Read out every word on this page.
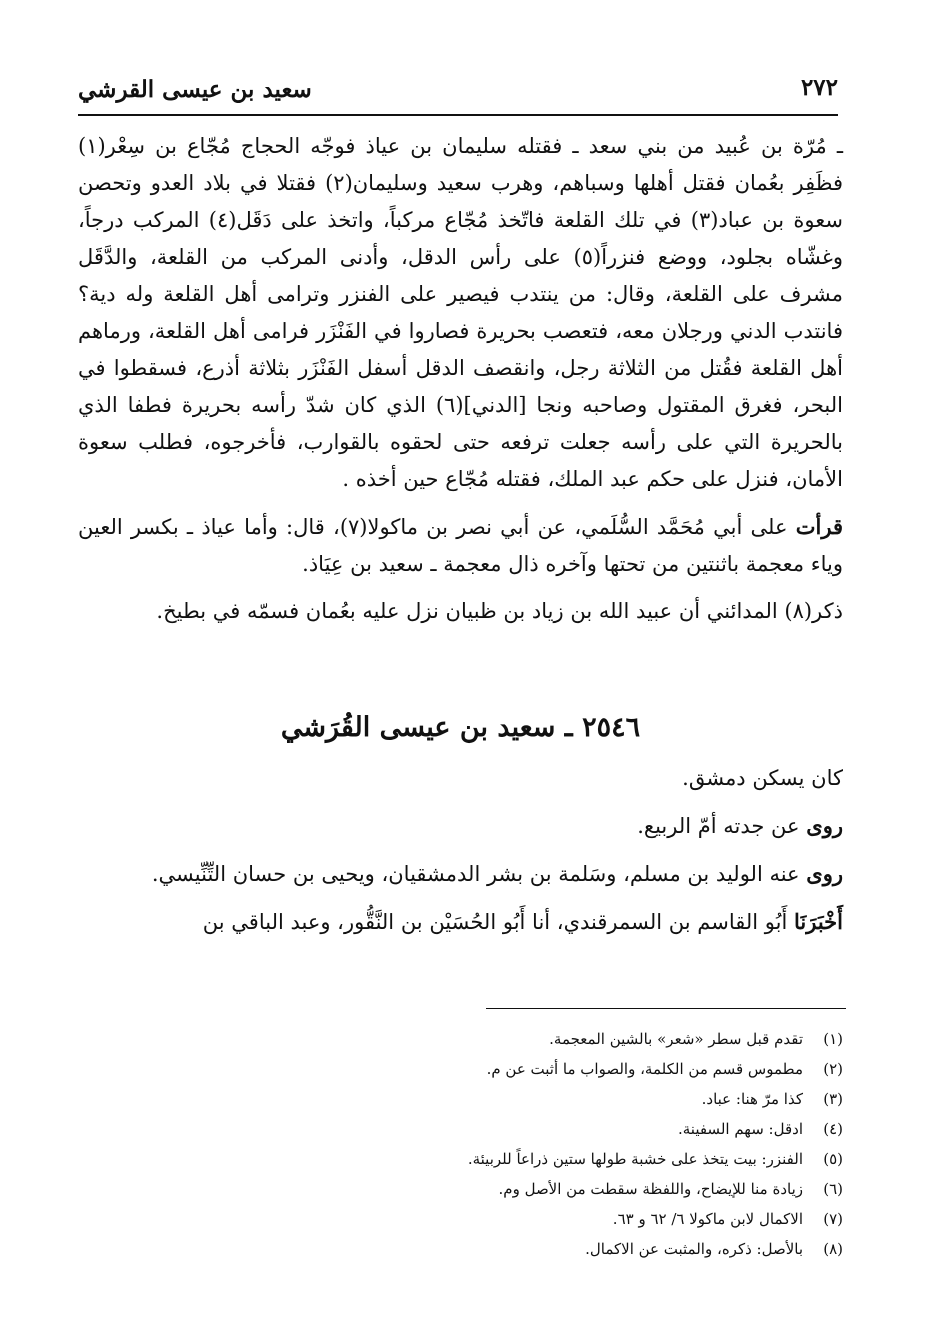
٢٧٢
سعيد بن عيسى القرشي

ـ مُرّة بن عُبيد من بني سعد ـ فقتله سليمان بن عياذ فوجّه الحجاج مُجّاع بن سِعْر(١) فظَفِر بعُمان فقتل أهلها وسباهم، وهرب سعيد وسليمان(٢) فقتلا في بلاد العدو وتحصن سعوة بن عباد(٣) في تلك القلعة فاتّخذ مُجّاع مركباً، واتخذ على دَقَل(٤) المركب درجاً، وغشّاه بجلود، ووضع فنزراً(٥) على رأس الدقل، وأدنى المركب من القلعة، والدَّقَل مشرف على القلعة، وقال: من ينتدب فيصير على الفنزر وترامى أهل القلعة وله دية؟ فانتدب الدني ورجلان معه، فتعصب بحريرة فصاروا في الفَنْزَر فرامى أهل القلعة، ورماهم أهل القلعة فقُتل من الثلاثة رجل، وانقصف الدقل أسفل الفَنْزَر بثلاثة أذرع، فسقطوا في البحر، فغرق المقتول وصاحبه ونجا [الدني](٦) الذي كان شدّ رأسه بحريرة فطفا الذي بالحريرة التي على رأسه جعلت ترفعه حتى لحقوه بالقوارب، فأخرجوه، فطلب سعوة الأمان، فنزل على حكم عبد الملك، فقتله مُجّاع حين أخذه .

قرأت على أبي مُحَمَّد السُّلَمي، عن أبي نصر بن ماكولا(٧)، قال: وأما عياذ ـ بكسر العين وياء معجمة باثنتين من تحتها وآخره ذال معجمة ـ سعيد بن عِيَاذ.

ذكر(٨) المدائني أن عبيد الله بن زياد بن ظبيان نزل عليه بعُمان فسمّه في بطيخ.

٢٥٤٦ ـ سعيد بن عيسى القُرَشي

كان يسكن دمشق.

روى عن جدته أمّ الربيع.

روى عنه الوليد بن مسلم، وسَلمة بن بشر الدمشقيان، ويحيى بن حسان التِّنِّيسي.

أَخْبَرَنَا أَبُو القاسم بن السمرقندي، أنا أَبُو الحُسَيْن بن النَّقُّور، وعبد الباقي بن

(١)
تقدم قبل سطر «شعر» بالشين المعجمة.
(٢)
مطموس قسم من الكلمة، والصواب ما أثبت عن م.
(٣)
كذا مرّ هنا: عباد.
(٤)
ادقل: سهم السفينة.
(٥)
الفنزر: بيت يتخذ على خشبة طولها ستين ذراعاً للربيئة.
(٦)
زيادة منا للإيضاح، واللفظة سقطت من الأصل وم.
(٧)
الاكمال لابن ماكولا ٦/ ٦٢ و ٦٣.
(٨)
بالأصل: ذكره، والمثبت عن الاكمال.
